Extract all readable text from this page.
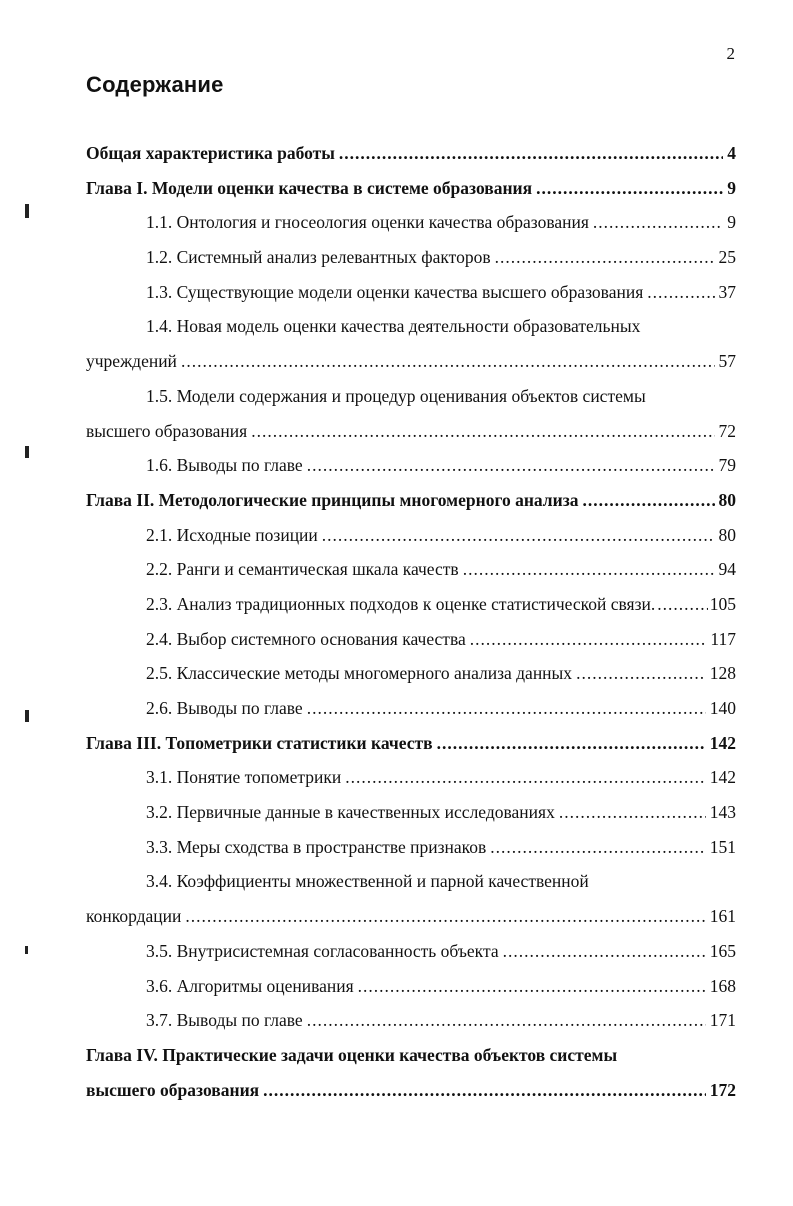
2
Содержание
Общая характеристика работы .....	4
Глава I. Модели оценки качества в системе образования .....	9
1.1. Онтология и гносеология оценки качества образования .....	9
1.2. Системный анализ релевантных факторов .....	25
1.3. Существующие модели оценки качества высшего образования .....	37
1.4. Новая модель оценки качества деятельности образовательных
учреждений .....	57
1.5. Модели содержания и процедур оценивания объектов системы
высшего образования .....	72
1.6. Выводы по главе .....	79
Глава II. Методологические принципы многомерного анализа .....	80
2.1. Исходные позиции .....	80
2.2. Ранги и семантическая шкала качеств .....	94
2.3. Анализ традиционных подходов к оценке статистической связи. .....	105
2.4. Выбор системного основания качества .....	117
2.5. Классические методы многомерного анализа данных .....	128
2.6. Выводы по главе .....	140
Глава III. Топометрики статистики качеств .....	142
3.1. Понятие топометрики .....	142
3.2. Первичные данные в качественных исследованиях .....	143
3.3. Меры сходства в пространстве признаков .....	151
3.4. Коэффициенты множественной и парной качественной
конкордации .....	161
3.5. Внутрисистемная согласованность объекта .....	165
3.6. Алгоритмы оценивания .....	168
3.7. Выводы по главе .....	171
Глава IV. Практические задачи оценки качества объектов системы
высшего образования .....	172
